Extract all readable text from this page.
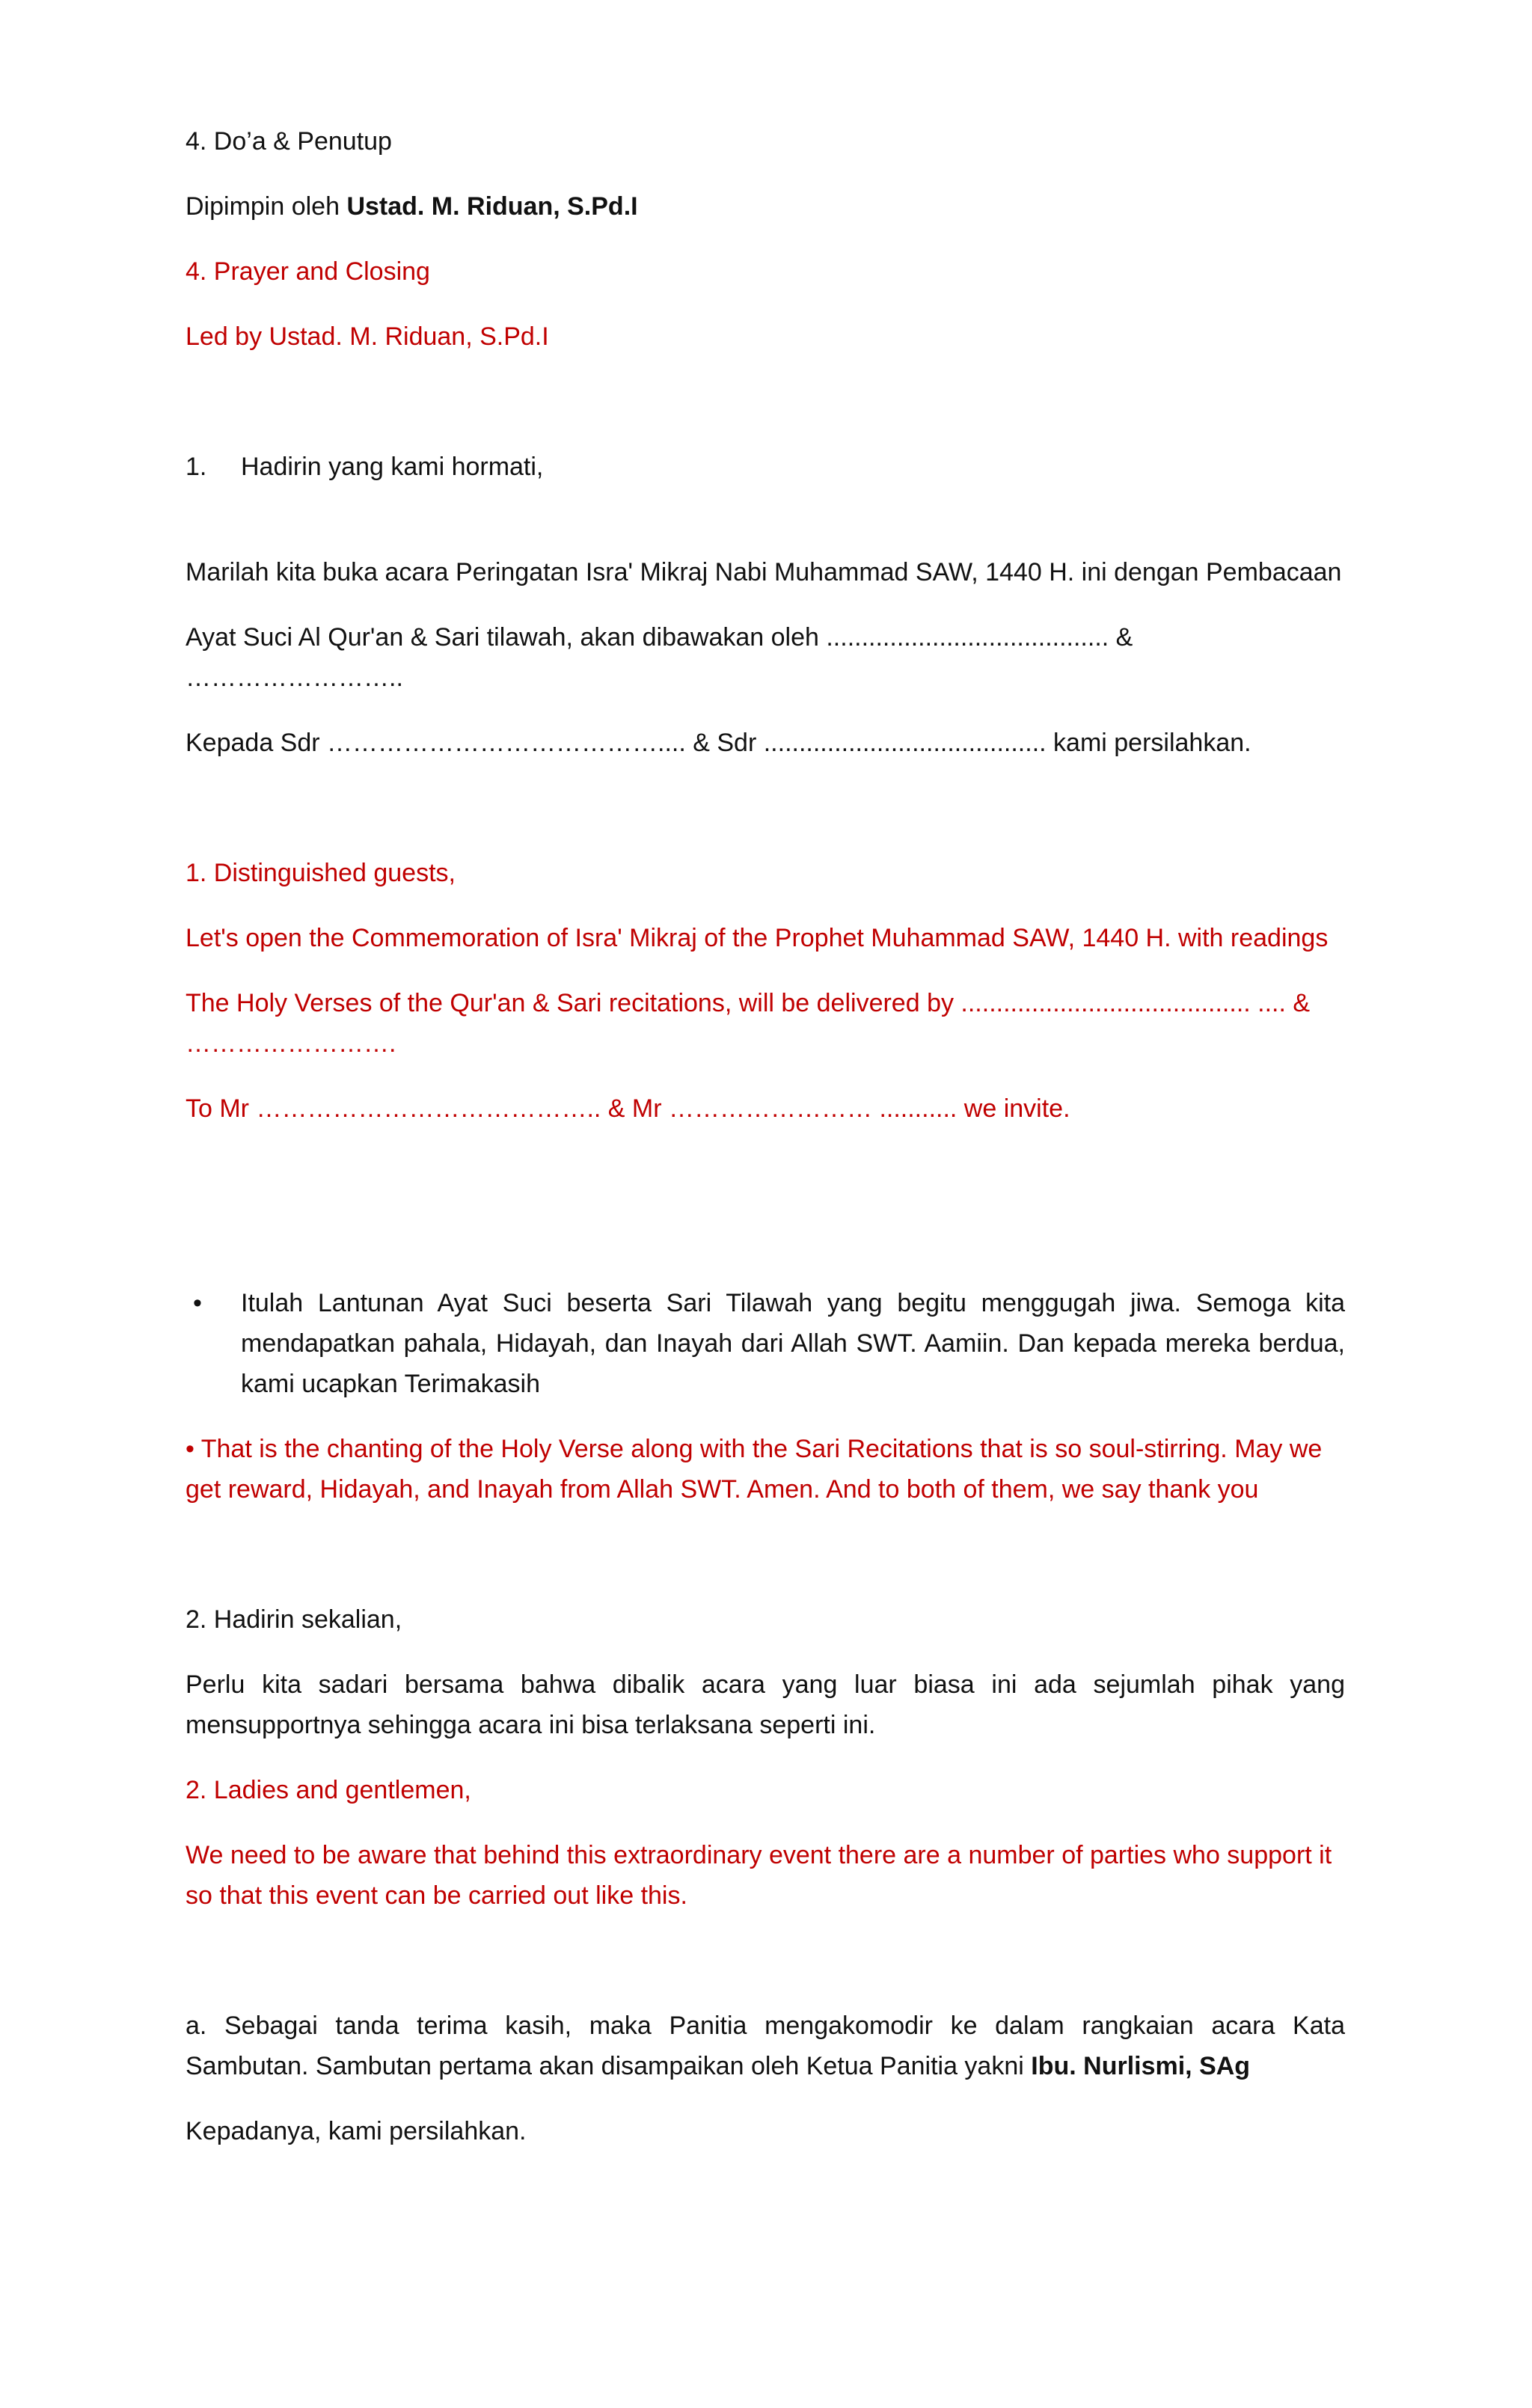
4. Do’a & Penutup

Dipimpin oleh Ustad. M. Riduan, S.Pd.I

4. Prayer and Closing

Led by Ustad. M. Riduan, S.Pd.I

1.	Hadirin yang kami hormati,

Marilah kita buka acara Peringatan Isra' Mikraj Nabi Muhammad SAW, 1440 H. ini dengan Pembacaan

Ayat Suci Al Qur'an & Sari tilawah, akan dibawakan oleh ........................................ & ……………………..

Kepada Sdr ………………………………….... & Sdr ........................................ kami persilahkan.

1. Distinguished guests,

Let's open the Commemoration of Isra' Mikraj of the Prophet Muhammad SAW, 1440 H. with readings

The Holy Verses of the Qur'an & Sari recitations, will be delivered by ......................................... .... & …………………….

To Mr ………………………………….. & Mr …………………… ........... we invite.

•	Itulah Lantunan Ayat Suci beserta Sari Tilawah yang begitu menggugah jiwa. Semoga kita mendapatkan pahala, Hidayah, dan Inayah dari Allah SWT. Aamiin. Dan kepada mereka berdua, kami ucapkan Terimakasih

• That is the chanting of the Holy Verse along with the Sari Recitations that is so soul-stirring. May we get reward, Hidayah, and Inayah from Allah SWT. Amen. And to both of them, we say thank you

2. Hadirin sekalian,

Perlu kita sadari bersama bahwa dibalik acara yang luar biasa ini ada sejumlah pihak yang mensupportnya sehingga acara ini bisa terlaksana seperti ini.

2. Ladies and gentlemen,

We need to be aware that behind this extraordinary event there are a number of parties who support it so that this event can be carried out like this.

a. Sebagai tanda terima kasih, maka Panitia mengakomodir ke dalam rangkaian acara Kata Sambutan. Sambutan pertama akan disampaikan oleh Ketua Panitia yakni Ibu. Nurlismi, SAg

Kepadanya, kami persilahkan.
